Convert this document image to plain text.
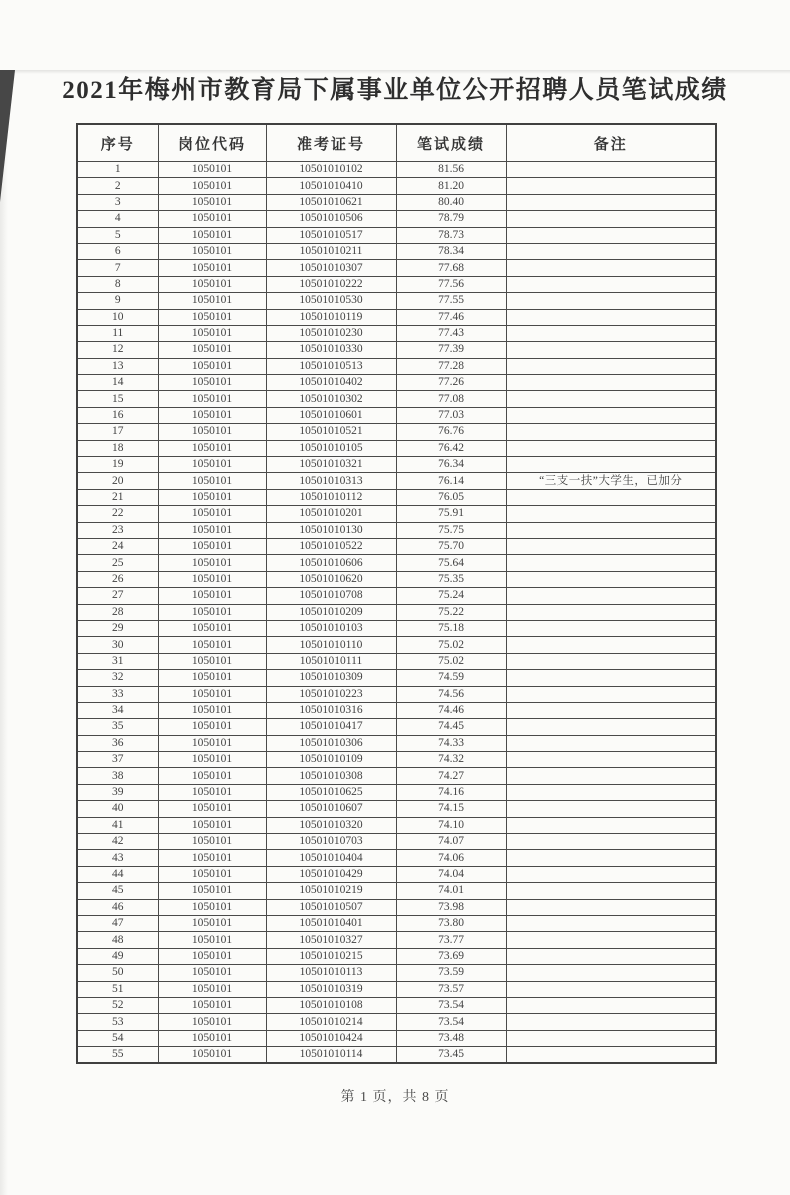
2021年梅州市教育局下属事业单位公开招聘人员笔试成绩
序号	岗位代码	准考证号	笔试成绩	备注
1	1050101	10501010102	81.56	
2	1050101	10501010410	81.20	
3	1050101	10501010621	80.40	
4	1050101	10501010506	78.79	
5	1050101	10501010517	78.73	
6	1050101	10501010211	78.34	
7	1050101	10501010307	77.68	
8	1050101	10501010222	77.56	
9	1050101	10501010530	77.55	
10	1050101	10501010119	77.46	
11	1050101	10501010230	77.43	
12	1050101	10501010330	77.39	
13	1050101	10501010513	77.28	
14	1050101	10501010402	77.26	
15	1050101	10501010302	77.08	
16	1050101	10501010601	77.03	
17	1050101	10501010521	76.76	
18	1050101	10501010105	76.42	
19	1050101	10501010321	76.34	
20	1050101	10501010313	76.14	“三支一扶”大学生，已加分
21	1050101	10501010112	76.05	
22	1050101	10501010201	75.91	
23	1050101	10501010130	75.75	
24	1050101	10501010522	75.70	
25	1050101	10501010606	75.64	
26	1050101	10501010620	75.35	
27	1050101	10501010708	75.24	
28	1050101	10501010209	75.22	
29	1050101	10501010103	75.18	
30	1050101	10501010110	75.02	
31	1050101	10501010111	75.02	
32	1050101	10501010309	74.59	
33	1050101	10501010223	74.56	
34	1050101	10501010316	74.46	
35	1050101	10501010417	74.45	
36	1050101	10501010306	74.33	
37	1050101	10501010109	74.32	
38	1050101	10501010308	74.27	
39	1050101	10501010625	74.16	
40	1050101	10501010607	74.15	
41	1050101	10501010320	74.10	
42	1050101	10501010703	74.07	
43	1050101	10501010404	74.06	
44	1050101	10501010429	74.04	
45	1050101	10501010219	74.01	
46	1050101	10501010507	73.98	
47	1050101	10501010401	73.80	
48	1050101	10501010327	73.77	
49	1050101	10501010215	73.69	
50	1050101	10501010113	73.59	
51	1050101	10501010319	73.57	
52	1050101	10501010108	73.54	
53	1050101	10501010214	73.54	
54	1050101	10501010424	73.48	
55	1050101	10501010114	73.45	
第 1 页，共 8 页
